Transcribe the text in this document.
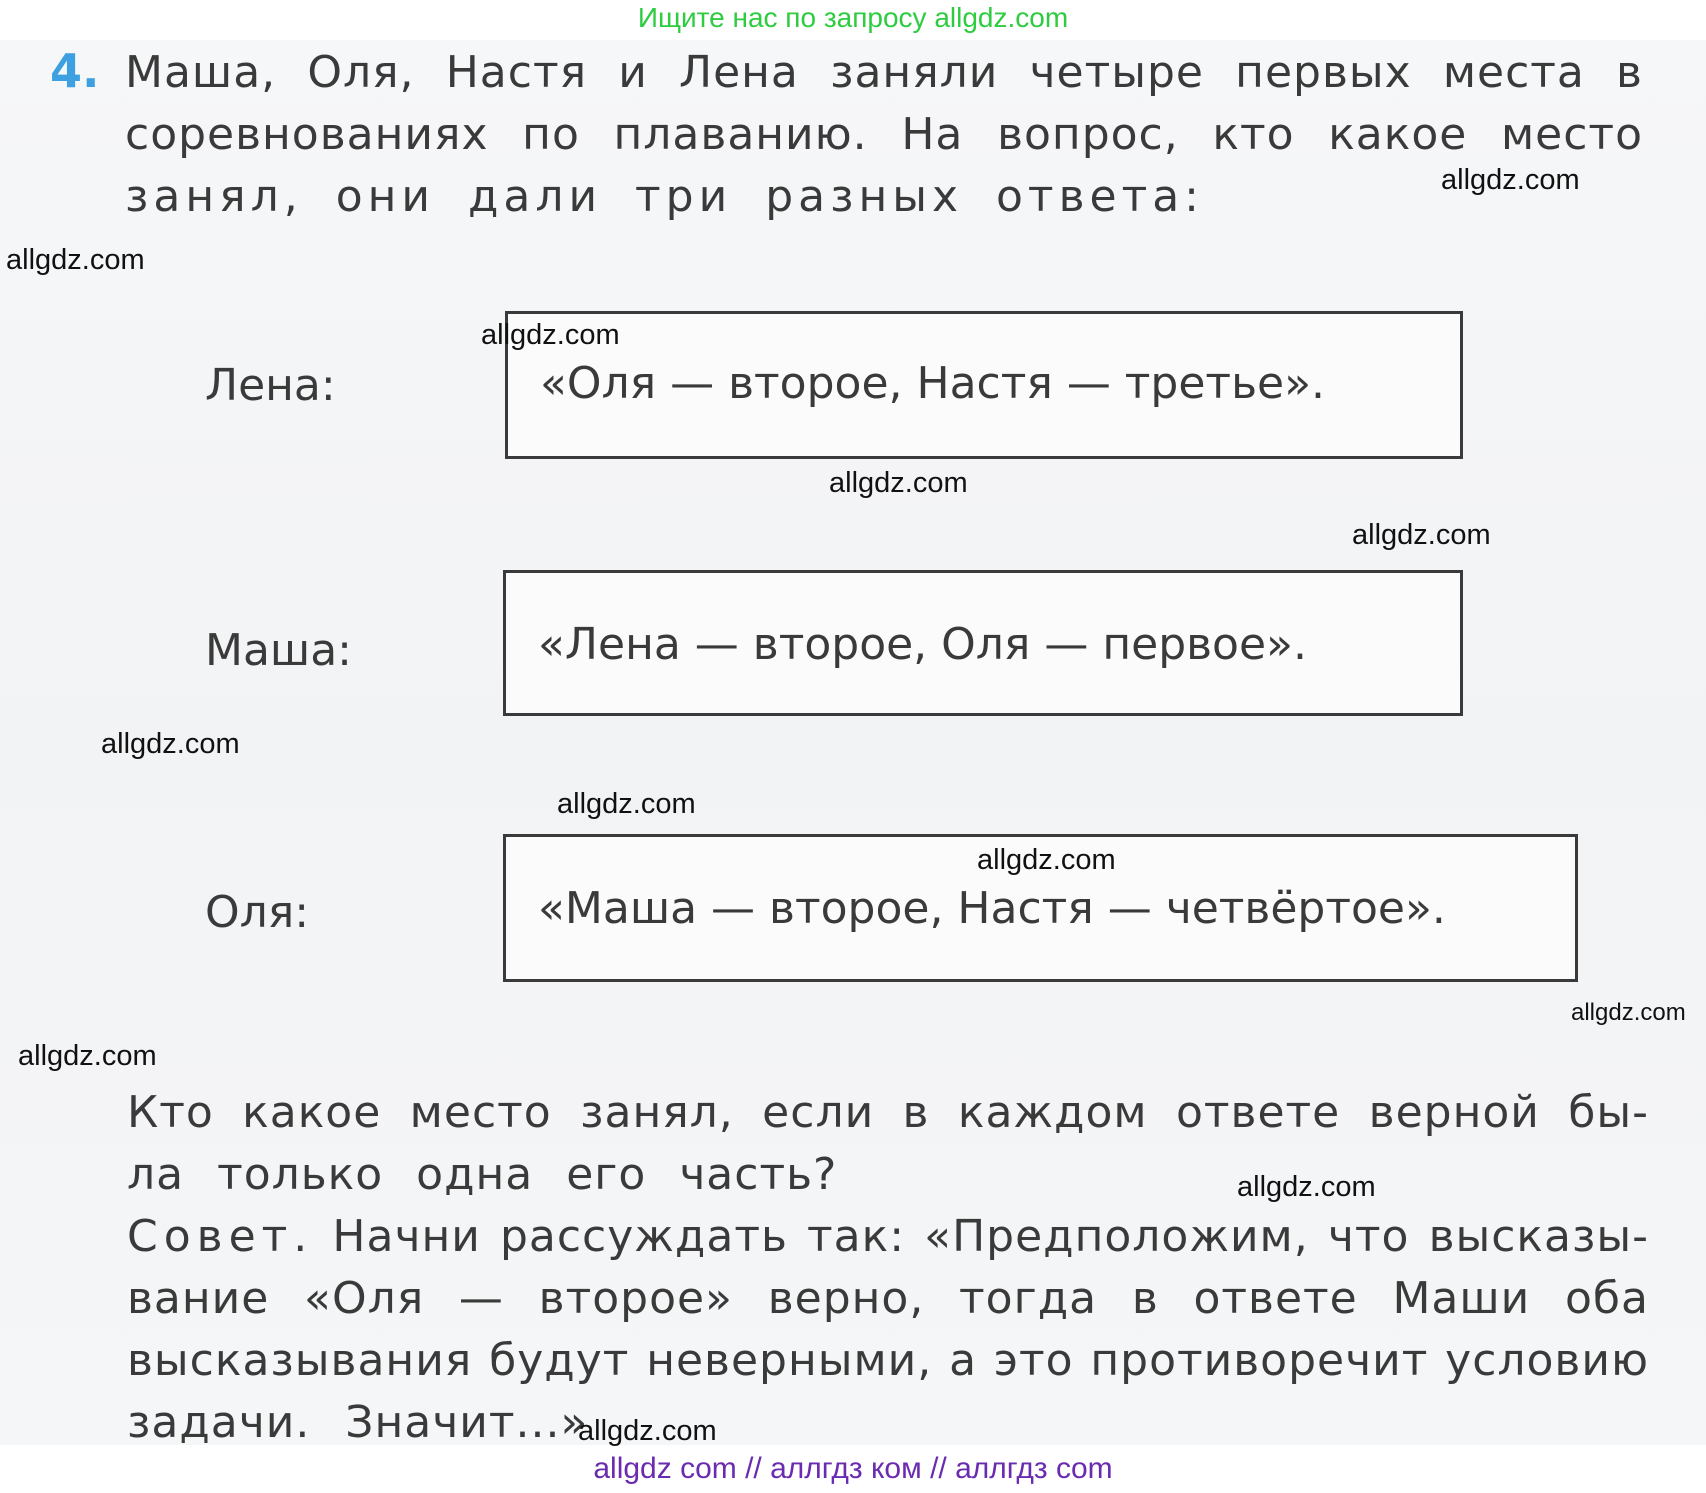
Ищите нас по запросу allgdz.com
4. Маша, Оля, Настя и Лена заняли четыре первых места в
соревнованиях по плаванию. На вопрос, кто какое место
занял, они дали три разных ответа:
Лена:	«Оля — второе, Настя — третье».
Маша:	«Лена — второе, Оля — первое».
Оля:	«Маша — второе, Настя — четвёртое».
Кто какое место занял, если в каждом ответе верной бы-
ла только одна его часть?
Совет. Начни рассуждать так: «Предположим, что высказы-
вание «Оля — второе» верно, тогда в ответе Маши оба
высказывания будут неверными, а это противоречит условию
задачи. Значит...»
allgdz.com
allgdz.com
allgdz.com
allgdz.com
allgdz.com
allgdz.com
allgdz.com
allgdz.com
allgdz.com
allgdz.com
allgdz.com
allgdz.com
allgdz com // аллгдз ком // аллгдз com
